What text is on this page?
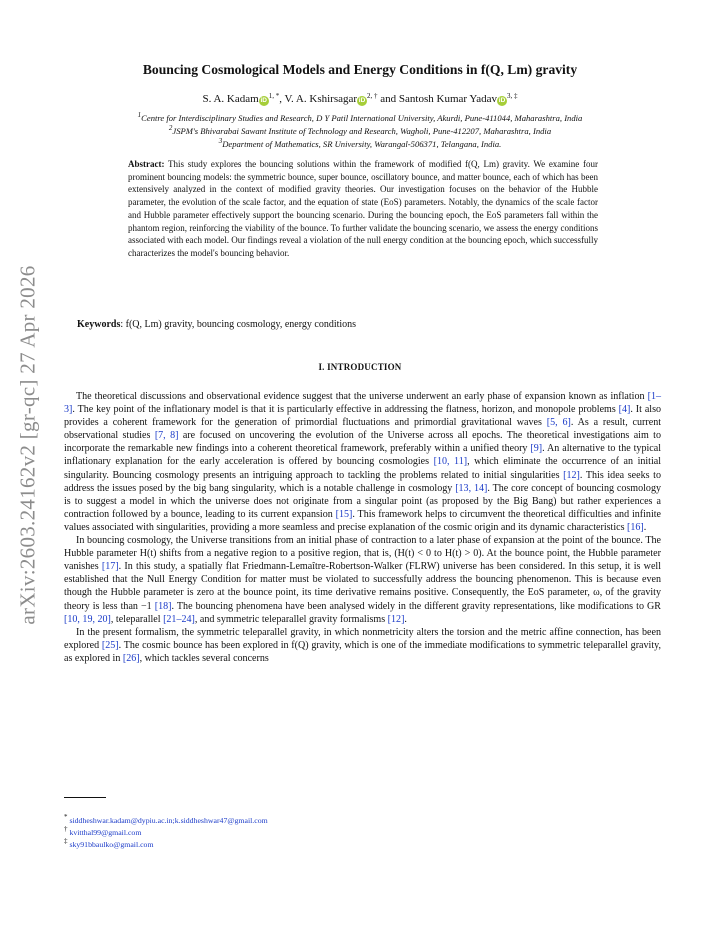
arXiv:2603.24162v2 [gr-qc] 27 Apr 2026
Bouncing Cosmological Models and Energy Conditions in f(Q, Lm) gravity
S. A. Kadam $iD^{1, *}$, V. A. Kshirsagar $iD^{2, \dagger}$ and Santosh Kumar Yadav $iD^{3, \ddagger}$
$^1$Centre for Interdisciplinary Studies and Research, D Y Patil International University, Akurdi, Pune-411044, Maharashtra, India
$^2$JSPM's Bhivarabai Sawant Institute of Technology and Research, Wagholi, Pune-412207, Maharashtra, India
$^3$Department of Mathematics, SR University, Warangal-506371, Telangana, India.
Abstract: This study explores the bouncing solutions within the framework of modified f(Q, Lm) gravity. We examine four prominent bouncing models: the symmetric bounce, super bounce, oscillatory bounce, and matter bounce, each of which has been extensively analyzed in the context of modified gravity theories. Our investigation focuses on the behavior of the Hubble parameter, the evolution of the scale factor, and the equation of state (EoS) parameters. Notably, the dynamics of the scale factor and Hubble parameter effectively support the bouncing scenario. During the bouncing epoch, the EoS parameters fall within the phantom region, reinforcing the viability of the bounce. To further validate the bouncing scenario, we assess the energy conditions associated with each model. Our findings reveal a violation of the null energy condition at the bouncing epoch, which successfully characterizes the model's bouncing behavior.
Keywords: f(Q, Lm) gravity, bouncing cosmology, energy conditions
I. INTRODUCTION

The theoretical discussions and observational evidence suggest that the universe underwent an early phase of expansion known as inflation [1–3]. The key point of the inflationary model is that it is particularly effective in addressing the flatness, horizon, and monopole problems [4]. It also provides a coherent framework for the generation of primordial fluctuations and primordial gravitational waves [5, 6]. As a result, current observational studies [7, 8] are focused on uncovering the evolution of the Universe across all epochs. The theoretical investigations aim to incorporate the remarkable new findings into a coherent theoretical framework, preferably within a unified theory [9]. An alternative to the typical inflationary explanation for the early acceleration is offered by bouncing cosmologies [10, 11], which eliminate the occurrence of an initial singularity. Bouncing cosmology presents an intriguing approach to tackling the problems related to initial singularities [12]. This idea seeks to address the issues posed by the big bang singularity, which is a notable challenge in cosmology [13, 14]. The core concept of bouncing cosmology is to suggest a model in which the universe does not originate from a singular point (as proposed by the Big Bang) but rather experiences a contraction followed by a bounce, leading to its current expansion [15]. This framework helps to circumvent the theoretical difficulties and infinite values associated with singularities, providing a more seamless and precise explanation of the cosmic origin and its dynamic characteristics [16].

In bouncing cosmology, the Universe transitions from an initial phase of contraction to a later phase of expansion at the point of the bounce. The Hubble parameter H(t) shifts from a negative region to a positive region, that is, (H(t) < 0 to H(t) > 0). At the bounce point, the Hubble parameter vanishes [17]. In this study, a spatially flat Friedmann-Lemaître-Robertson-Walker (FLRW) universe has been considered. In this setup, it is well established that the Null Energy Condition for matter must be violated to successfully address the bouncing phenomenon. This is because even though the Hubble parameter is zero at the bounce point, its time derivative remains positive. Consequently, the EoS parameter, ω, of the gravity theory is less than −1 [18]. The bouncing phenomena have been analysed widely in the different gravity representations, like modifications to GR [10, 19, 20], teleparallel [21–24], and symmetric teleparallel gravity formalisms [12].

In the present formalism, the symmetric teleparallel gravity, in which nonmetricity alters the torsion and the metric affine connection, has been explored [25]. The cosmic bounce has been explored in f(Q) gravity, which is one of the immediate modifications to symmetric teleparallel gravity, as explored in [26], which tackles several concerns

* siddheshwar.kadam@dypiu.ac.in;k.siddheshwar47@gmail.com
† kvitthal99@gmail.com
‡ sky91bbaulko@gmail.com
